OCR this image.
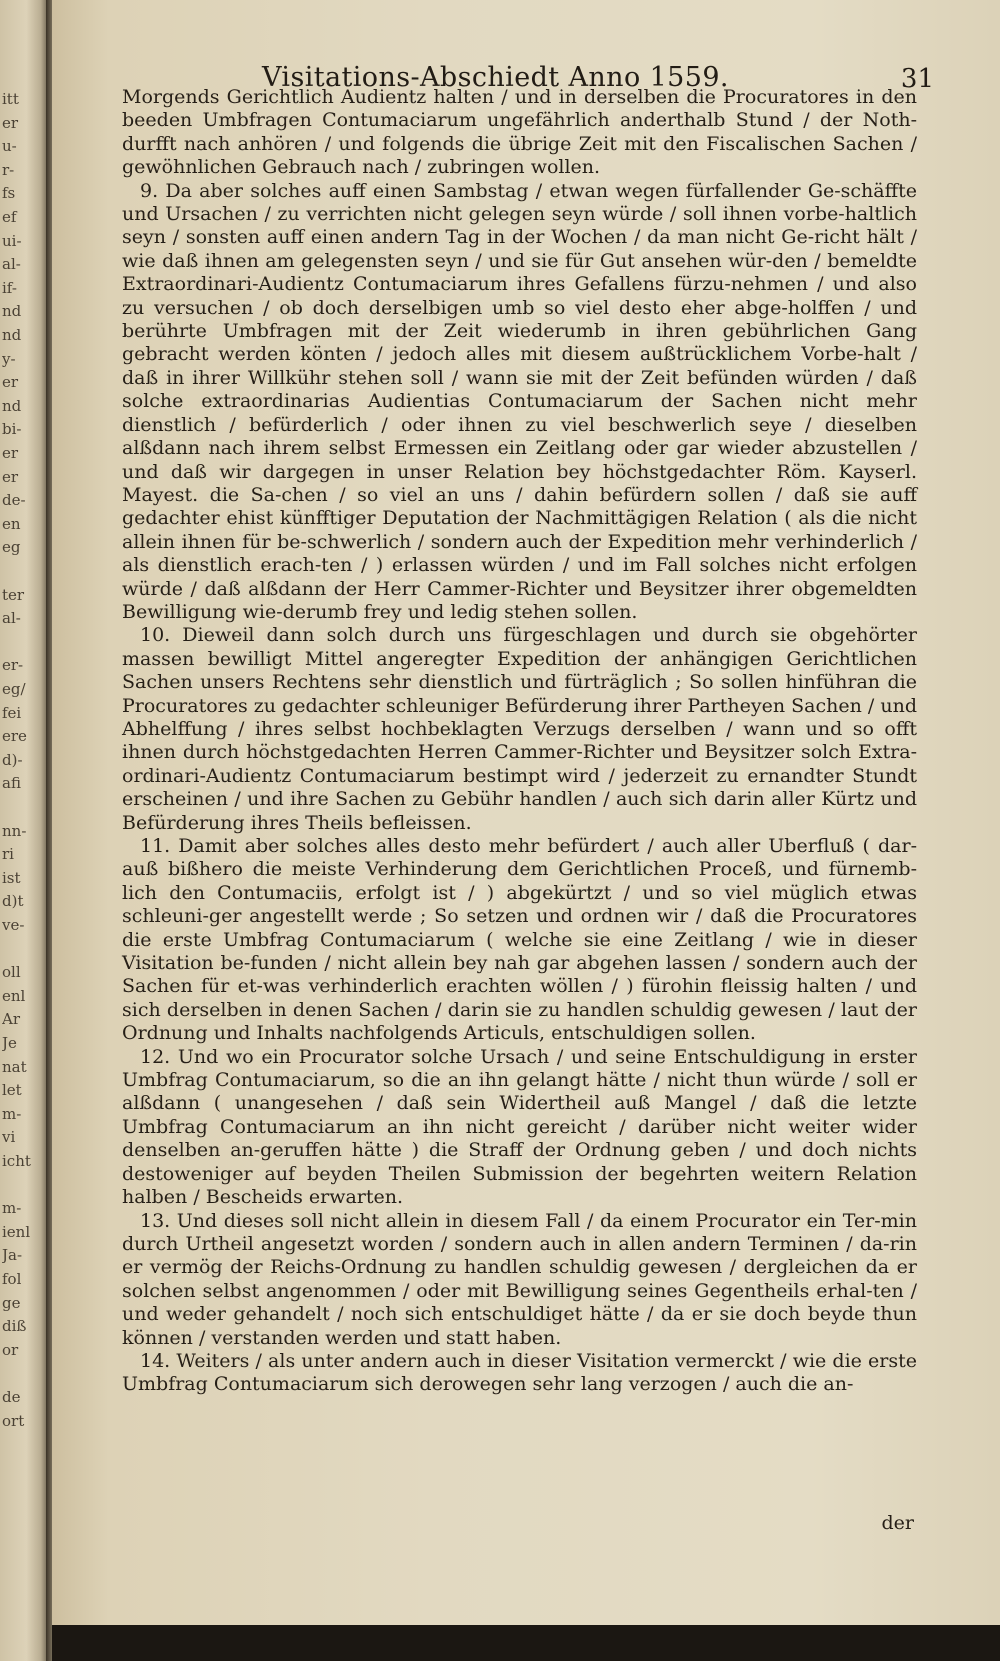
itt
er
u-
r-
fs
ef
ui-
al-
if-
nd
nd
y-
er
nd
bi-
er
er
de-
en
eg
ter
al-
er-
eg/
fei
ere
d)-
afi
nn-
ri
ist
d)t
ve-
oll
enl
Ar
Je
nat
let
m-
vi
icht
m-
ienl
Ja-
fol
ge
diß
or
de
ort
Visitations-Abschiedt Anno 1559.	31

Morgends Gerichtlich Audientz halten / und in derselben die Procuratores in den beeden Umbfragen Contumaciarum ungefährlich anderthalb Stund / der Noth-durfft nach anhören / und folgends die übrige Zeit mit den Fiscalischen Sachen / gewöhnlichen Gebrauch nach / zubringen wollen.

9. Da aber solches auff einen Sambstag / etwan wegen fürfallender Ge-schäffte und Ursachen / zu verrichten nicht gelegen seyn würde / soll ihnen vorbe-haltlich seyn / sonsten auff einen andern Tag in der Wochen / da man nicht Ge-richt hält / wie daß ihnen am gelegensten seyn / und sie für Gut ansehen wür-den / bemeldte Extraordinari-Audientz Contumaciarum ihres Gefallens fürzu-nehmen / und also zu versuchen / ob doch derselbigen umb so viel desto eher abge-holffen / und berührte Umbfragen mit der Zeit wiederumb in ihren gebührlichen Gang gebracht werden könten / jedoch alles mit diesem außtrücklichem Vorbe-halt / daß in ihrer Willkühr stehen soll / wann sie mit der Zeit befünden würden / daß solche extraordinarias Audientias Contumaciarum der Sachen nicht mehr dienstlich / befürderlich / oder ihnen zu viel beschwerlich seye / dieselben alßdann nach ihrem selbst Ermessen ein Zeitlang oder gar wieder abzustellen / und daß wir dargegen in unser Relation bey höchstgedachter Röm. Kayserl. Mayest. die Sa-chen / so viel an uns / dahin befürdern sollen / daß sie auff gedachter ehist künfftiger Deputation der Nachmittägigen Relation ( als die nicht allein ihnen für be-schwerlich / sondern auch der Expedition mehr verhinderlich / als dienstlich erach-ten / ) erlassen würden / und im Fall solches nicht erfolgen würde / daß alßdann der Herr Cammer-Richter und Beysitzer ihrer obgemeldten Bewilligung wie-derumb frey und ledig stehen sollen.

10. Dieweil dann solch durch uns fürgeschlagen und durch sie obgehörter massen bewilligt Mittel angeregter Expedition der anhängigen Gerichtlichen Sachen unsers Rechtens sehr dienstlich und fürträglich ; So sollen hinführan die Procuratores zu gedachter schleuniger Befürderung ihrer Partheyen Sachen / und Abhelffung / ihres selbst hochbeklagten Verzugs derselben / wann und so offt ihnen durch höchstgedachten Herren Cammer-Richter und Beysitzer solch Extra-ordinari-Audientz Contumaciarum bestimpt wird / jederzeit zu ernandter Stundt erscheinen / und ihre Sachen zu Gebühr handlen / auch sich darin aller Kürtz und Befürderung ihres Theils befleissen.

11. Damit aber solches alles desto mehr befürdert / auch aller Uberfluß ( dar-auß bißhero die meiste Verhinderung dem Gerichtlichen Proceß, und fürnemb-lich den Contumaciis, erfolgt ist / ) abgekürtzt / und so viel müglich etwas schleuni-ger angestellt werde ; So setzen und ordnen wir / daß die Procuratores die erste Umbfrag Contumaciarum ( welche sie eine Zeitlang / wie in dieser Visitation be-funden / nicht allein bey nah gar abgehen lassen / sondern auch der Sachen für et-was verhinderlich erachten wöllen / ) fürohin fleissig halten / und sich derselben in denen Sachen / darin sie zu handlen schuldig gewesen / laut der Ordnung und Inhalts nachfolgends Articuls, entschuldigen sollen.

12. Und wo ein Procurator solche Ursach / und seine Entschuldigung in erster Umbfrag Contumaciarum, so die an ihn gelangt hätte / nicht thun würde / soll er alßdann ( unangesehen / daß sein Widertheil auß Mangel / daß die letzte Umbfrag Contumaciarum an ihn nicht gereicht / darüber nicht weiter wider denselben an-geruffen hätte ) die Straff der Ordnung geben / und doch nichts destoweniger auf beyden Theilen Submission der begehrten weitern Relation halben / Bescheids erwarten.

13. Und dieses soll nicht allein in diesem Fall / da einem Procurator ein Ter-min durch Urtheil angesetzt worden / sondern auch in allen andern Terminen / da-rin er vermög der Reichs-Ordnung zu handlen schuldig gewesen / dergleichen da er solchen selbst angenommen / oder mit Bewilligung seines Gegentheils erhal-ten / und weder gehandelt / noch sich entschuldiget hätte / da er sie doch beyde thun können / verstanden werden und statt haben.

14. Weiters / als unter andern auch in dieser Visitation vermerckt / wie die erste Umbfrag Contumaciarum sich derowegen sehr lang verzogen / auch die an-

der
